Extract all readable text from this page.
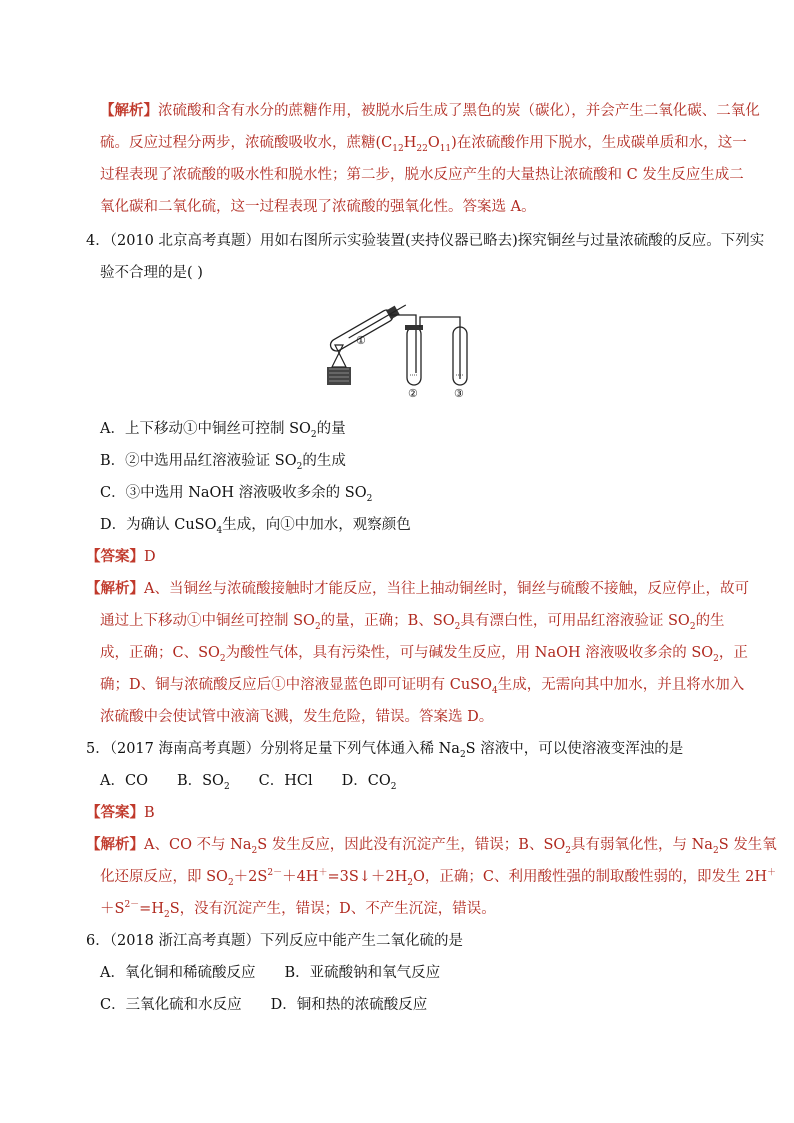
【解析】浓硫酸和含有水分的蔗糖作用，被脱水后生成了黑色的炭（碳化），并会产生二氧化碳、二氧化
硫。反应过程分两步，浓硫酸吸收水，蔗糖$(C_{12}H_{22}O_{11})$在浓硫酸作用下脱水，生成碳单质和水，这一
过程表现了浓硫酸的吸水性和脱水性；第二步，脱水反应产生的大量热让浓硫酸和 C 发生反应生成二
氧化碳和二氧化硫，这一过程表现了浓硫酸的强氧化性。答案选 A。
4．（2010 北京高考真题）用如右图所示实验装置(夹持仪器已略去)探究铜丝与过量浓硫酸的反应。下列实
验不合理的是( )
①
②	③
A．上下移动①中铜丝可控制 $SO_2$的量
B．②中选用品红溶液验证 $SO_2$的生成
C．③中选用 NaOH 溶液吸收多余的 $SO_2$
D．为确认 CuSO$_4$生成，向①中加水，观察颜色
【答案】D
【解析】A、当铜丝与浓硫酸接触时才能反应，当往上抽动铜丝时，铜丝与硫酸不接触，反应停止，故可
通过上下移动①中铜丝可控制 $SO_2$的量，正确；B、$SO_2$具有漂白性，可用品红溶液验证 $SO_2$的生
成，正确；C、$SO_2$为酸性气体，具有污染性，可与碱发生反应，用 NaOH 溶液吸收多余的 $SO_2$，正
确；D、铜与浓硫酸反应后①中溶液显蓝色即可证明有 CuSO$_4$生成，无需向其中加水，并且将水加入
浓硫酸中会使试管中液滴飞溅，发生危险，错误。答案选 D。
5．（2017 海南高考真题）分别将足量下列气体通入稀 $Na_2S$ 溶液中，可以使溶液变浑浊的是
A．CO　　B．$SO_2$　　C．HCl　　D．$CO_2$
【答案】B
【解析】A、CO 不与 $Na_2S$ 发生反应，因此没有沉淀产生，错误；B、$SO_2$具有弱氧化性，与 $Na_2S$ 发生氧
化还原反应，即 $SO_2+2S^{2-}+4H^+=3S↓+2H_2O$，正确；C、利用酸性强的制取酸性弱的，即发生 2H＋
$+S^{2-}=H_2S$，没有沉淀产生，错误；D、不产生沉淀，错误。
6．（2018 浙江高考真题）下列反应中能产生二氧化硫的是
A．氧化铜和稀硫酸反应　　B．亚硫酸钠和氧气反应
C．三氧化硫和水反应　　D．铜和热的浓硫酸反应
